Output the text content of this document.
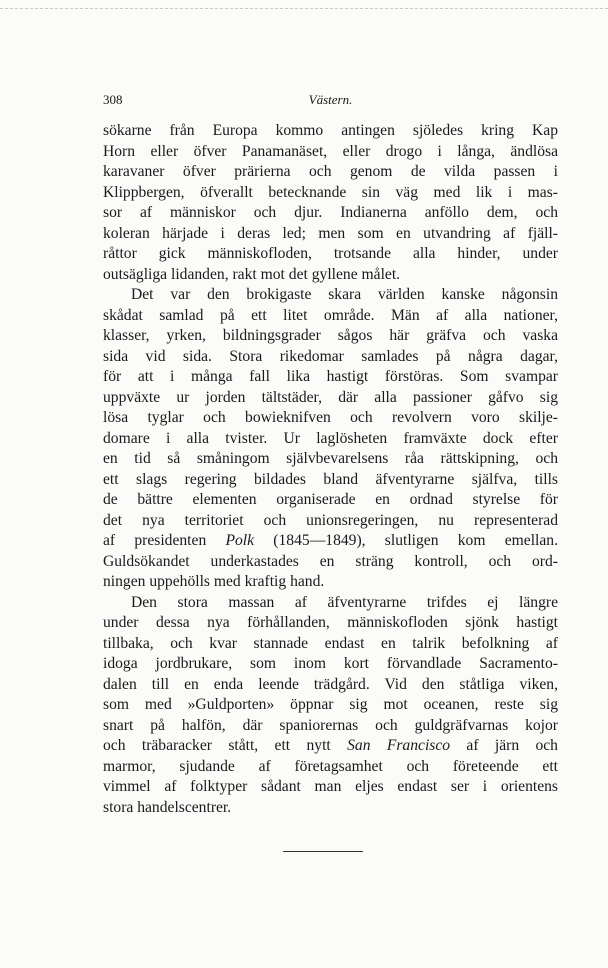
308	Västern.
sökarne från Europa kommo antingen sjöledes kring Kap
Horn eller öfver Panamanäset, eller drogo i långa, ändlösa
karavaner öfver prärierna och genom de vilda passen i
Klippbergen, öfverallt betecknande sin väg med lik i mas-
sor af människor och djur. Indianerna anföllo dem, och
koleran härjade i deras led; men som en utvandring af fjäll-
råttor gick människofloden, trotsande alla hinder, under
outsägliga lidanden, rakt mot det gyllene målet.
Det var den brokigaste skara världen kanske någonsin
skådat samlad på ett litet område. Män af alla nationer,
klasser, yrken, bildningsgrader sågos här gräfva och vaska
sida vid sida. Stora rikedomar samlades på några dagar,
för att i många fall lika hastigt förstöras. Som svampar
uppväxte ur jorden tältstäder, där alla passioner gåfvo sig
lösa tyglar och bowieknifven och revolvern voro skilje-
domare i alla tvister. Ur laglösheten framväxte dock efter
en tid så småningom självbevarelsens råa rättskipning, och
ett slags regering bildades bland äfventyrarne själfva, tills
de bättre elementen organiserade en ordnad styrelse för
det nya territoriet och unionsregeringen, nu representerad
af presidenten Polk (1845—1849), slutligen kom emellan.
Guldsökandet underkastades en sträng kontroll, och ord-
ningen uppehölls med kraftig hand.
Den stora massan af äfventyrarne trifdes ej längre
under dessa nya förhållanden, människofloden sjönk hastigt
tillbaka, och kvar stannade endast en talrik befolkning af
idoga jordbrukare, som inom kort förvandlade Sacramento-
dalen till en enda leende trädgård. Vid den ståtliga viken,
som med »Guldporten» öppnar sig mot oceanen, reste sig
snart på halfön, där spaniorernas och guldgräfvarnas kojor
och träbaracker stått, ett nytt San Francisco af järn och
marmor, sjudande af företagsamhet och företeende ett
vimmel af folktyper sådant man eljes endast ser i orientens
stora handelscentrer.
